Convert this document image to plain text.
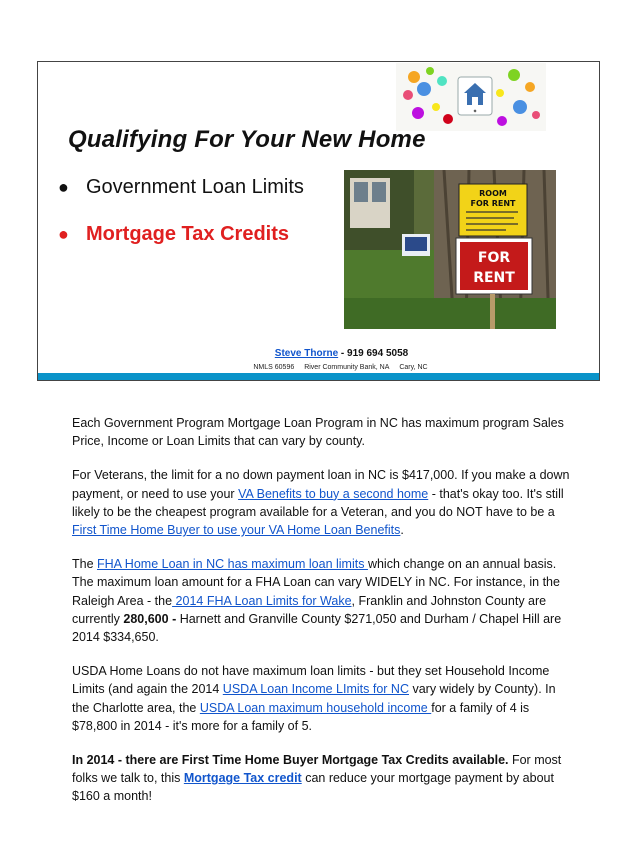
◆
Qualifying For Your New Home
● Government Loan Limits
● Mortgage Tax Credits
ROOM
FOR RENT
FOR
RENT
Steve Thorne - 919 694 5058
NMLS 60596 River Community Bank, NA Cary, NC

Each Government Program Mortgage Loan Program in NC has maximum program Sales Price, Income or Loan Limits that can vary by county.

For Veterans, the limit for a no down payment loan in NC is $417,000. If you make a down payment, or need to use your VA Benefits to buy a second home - that's okay too. It's still likely to be the cheapest program available for a Veteran, and you do NOT have to be a First Time Home Buyer to use your VA Home Loan Benefits.

The FHA Home Loan in NC has maximum loan limits which change on an annual basis. The maximum loan amount for a FHA Loan can vary WIDELY in NC. For instance, in the Raleigh Area - the 2014 FHA Loan Limits for Wake, Franklin and Johnston County are currently 280,600 - Harnett and Granville County $271,050 and Durham / Chapel Hill are 2014 $334,650.

USDA Home Loans do not have maximum loan limits - but they set Household Income Limits (and again the 2014 USDA Loan Income LImits for NC vary widely by County). In the Charlotte area, the USDA Loan maximum household income for a family of 4 is $78,800 in 2014 - it's more for a family of 5.

In 2014 - there are First Time Home Buyer Mortgage Tax Credits available. For most folks we talk to, this Mortgage Tax credit can reduce your mortgage payment by about $160 a month!
